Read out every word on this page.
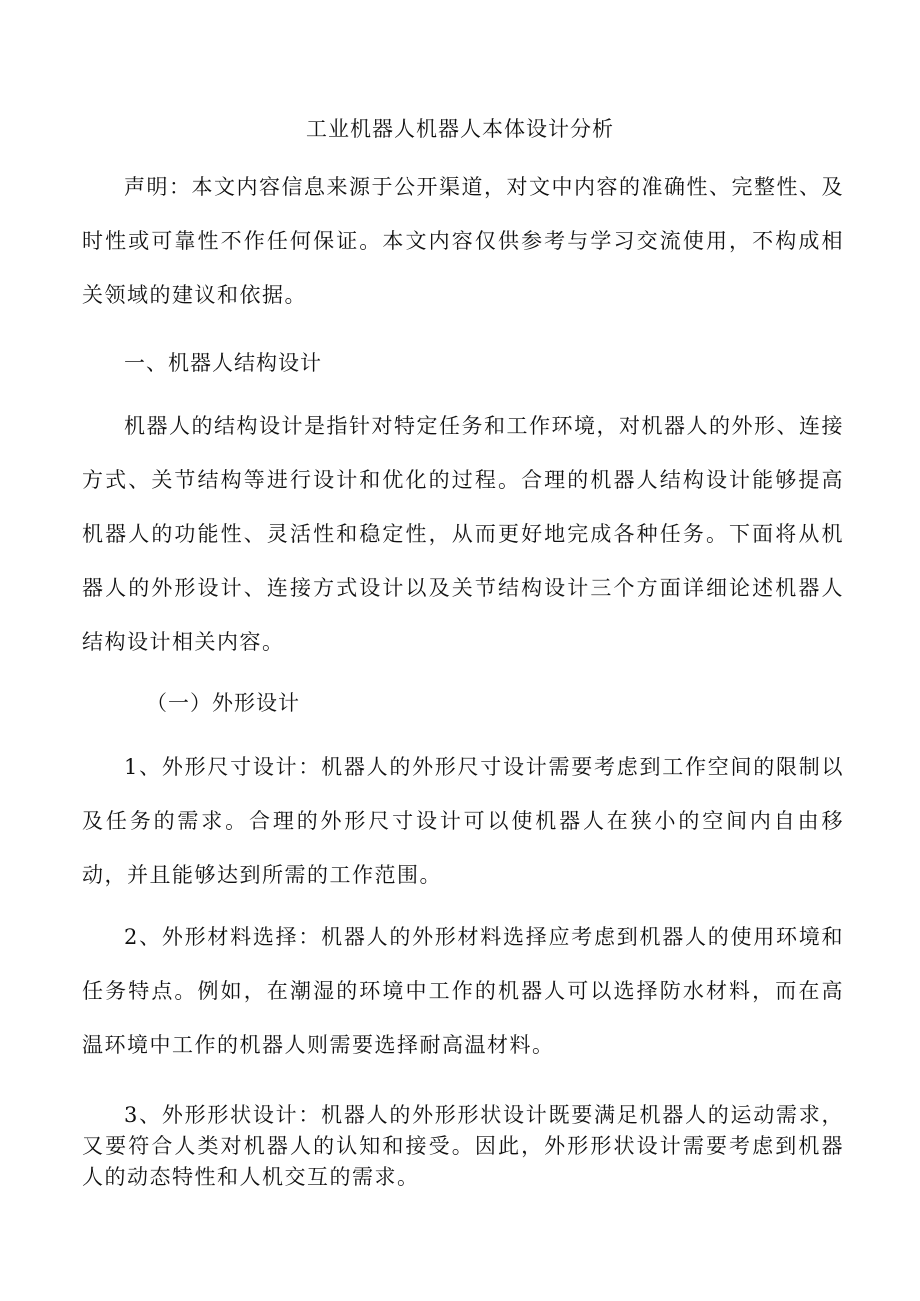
工业机器人机器人本体设计分析

声明：本文内容信息来源于公开渠道，对文中内容的准确性、完整性、及时性或可靠性不作任何保证。本文内容仅供参考与学习交流使用，不构成相关领域的建议和依据。

一、机器人结构设计

机器人的结构设计是指针对特定任务和工作环境，对机器人的外形、连接方式、关节结构等进行设计和优化的过程。合理的机器人结构设计能够提高机器人的功能性、灵活性和稳定性，从而更好地完成各种任务。下面将从机器人的外形设计、连接方式设计以及关节结构设计三个方面详细论述机器人结构设计相关内容。

（一）外形设计

1、外形尺寸设计：机器人的外形尺寸设计需要考虑到工作空间的限制以及任务的需求。合理的外形尺寸设计可以使机器人在狭小的空间内自由移动，并且能够达到所需的工作范围。

2、外形材料选择：机器人的外形材料选择应考虑到机器人的使用环境和任务特点。例如，在潮湿的环境中工作的机器人可以选择防水材料，而在高温环境中工作的机器人则需要选择耐高温材料。

3、外形形状设计：机器人的外形形状设计既要满足机器人的运动需求，又要符合人类对机器人的认知和接受。因此，外形形状设计需要考虑到机器人的动态特性和人机交互的需求。
